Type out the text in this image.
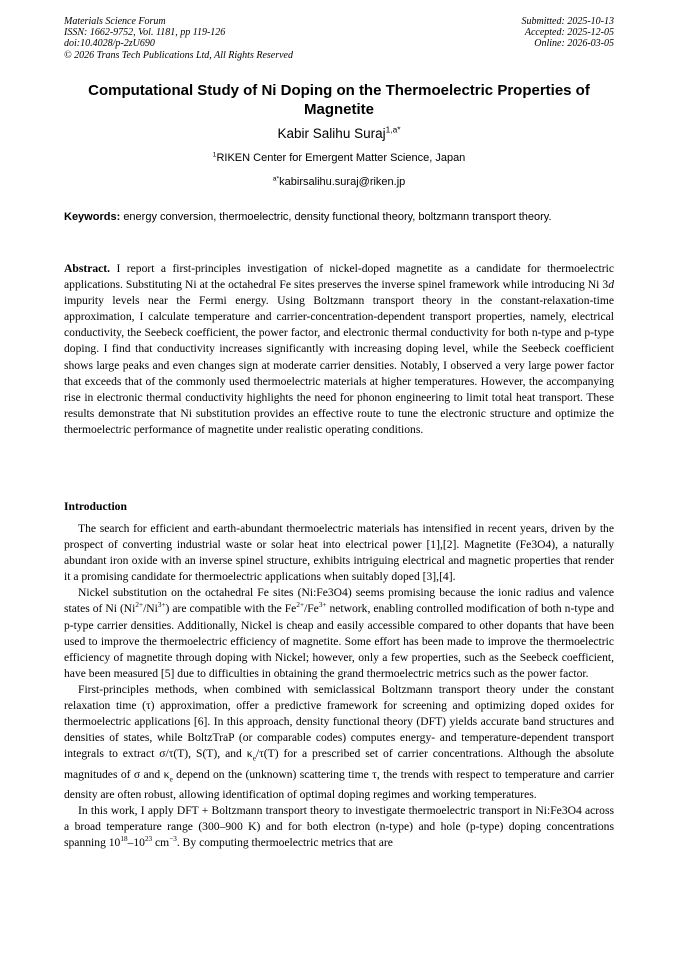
Materials Science Forum
ISSN: 1662-9752, Vol. 1181, pp 119-126
doi:10.4028/p-2zU690
© 2026 Trans Tech Publications Ltd, All Rights Reserved
Submitted: 2025-10-13
Accepted: 2025-12-05
Online: 2026-03-05
Computational Study of Ni Doping on the Thermoelectric Properties of Magnetite
Kabir Salihu Suraj$^{1,a*}$
$^1$RIKEN Center for Emergent Matter Science, Japan
$^{a*}$kabirsalihu.suraj@riken.jp
Keywords: energy conversion, thermoelectric, density functional theory, boltzmann transport theory.
Abstract. I report a first-principles investigation of nickel-doped magnetite as a candidate for thermoelectric applications. Substituting Ni at the octahedral Fe sites preserves the inverse spinel framework while introducing Ni 3d impurity levels near the Fermi energy. Using Boltzmann transport theory in the constant-relaxation-time approximation, I calculate temperature and carrier-concentration-dependent transport properties, namely, electrical conductivity, the Seebeck coefficient, the power factor, and electronic thermal conductivity for both n-type and p-type doping. I find that conductivity increases significantly with increasing doping level, while the Seebeck coefficient shows large peaks and even changes sign at moderate carrier densities. Notably, I observed a very large power factor that exceeds that of the commonly used thermoelectric materials at higher temperatures. However, the accompanying rise in electronic thermal conductivity highlights the need for phonon engineering to limit total heat transport. These results demonstrate that Ni substitution provides an effective route to tune the electronic structure and optimize the thermoelectric performance of magnetite under realistic operating conditions.
Introduction

The search for efficient and earth-abundant thermoelectric materials has intensified in recent years, driven by the prospect of converting industrial waste or solar heat into electrical power [1],[2]. Magnetite (Fe3O4), a naturally abundant iron oxide with an inverse spinel structure, exhibits intriguing electrical and magnetic properties that render it a promising candidate for thermoelectric applications when suitably doped [3],[4].

Nickel substitution on the octahedral Fe sites (Ni:Fe3O4) seems promising because the ionic radius and valence states of Ni $(Ni^{2+}/Ni^{3+})$ are compatible with the $Fe^{2+}/Fe^{3+}$ network, enabling controlled modification of both n-type and p-type carrier densities. Additionally, Nickel is cheap and easily accessible compared to other dopants that have been used to improve the thermoelectric efficiency of magnetite. Some effort has been made to improve the thermoelectric efficiency of magnetite through doping with Nickel; however, only a few properties, such as the Seebeck coefficient, have been measured [5] due to difficulties in obtaining the grand thermoelectric metrics such as the power factor.

First-principles methods, when combined with semiclassical Boltzmann transport theory under the constant relaxation time (τ) approximation, offer a predictive framework for screening and optimizing doped oxides for thermoelectric applications [6]. In this approach, density functional theory (DFT) yields accurate band structures and densities of states, while BoltzTraP (or comparable codes) computes energy- and temperature-dependent transport integrals to extract σ/τ(T), S(T), and $\kappa_e/\tau(T)$ for a prescribed set of carrier concentrations. Although the absolute magnitudes of σ and $\kappa_e$ depend on the (unknown) scattering time τ, the trends with respect to temperature and carrier density are often robust, allowing identification of optimal doping regimes and working temperatures.

In this work, I apply DFT + Boltzmann transport theory to investigate thermoelectric transport in Ni:Fe3O4 across a broad temperature range (300–900 K) and for both electron (n-type) and hole (p-type) doping concentrations spanning $10^{18}-10^{23}$ $cm^{-3}$. By computing thermoelectric metrics that are
